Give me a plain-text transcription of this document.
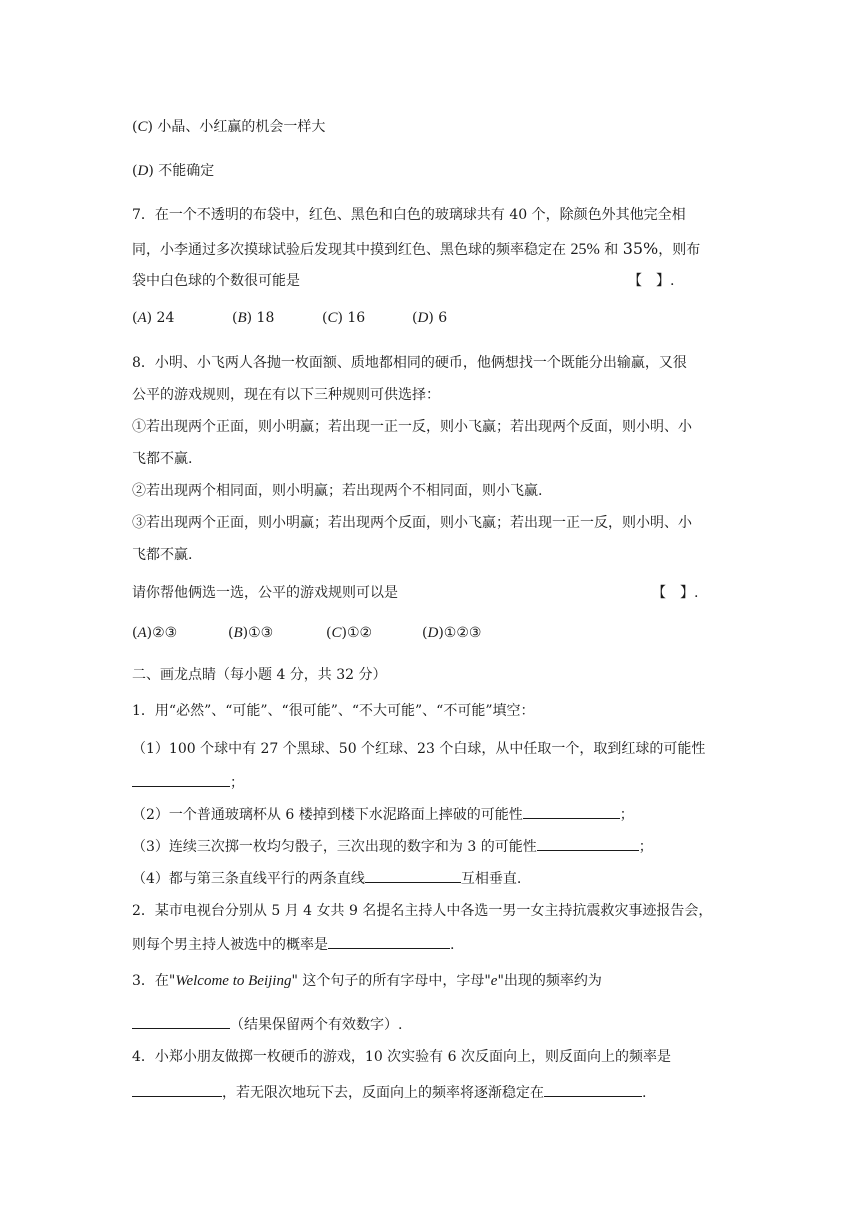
(C) 小晶、小红赢的机会一样大
(D) 不能确定
7．在一个不透明的布袋中，红色、黑色和白色的玻璃球共有 40 个，除颜色外其他完全相
同，小李通过多次摸球试验后发现其中摸到红色、黑色球的频率稳定在 25% 和 35%，则布
袋中白色球的个数很可能是	【　】.
(A) 24	(B) 18	(C) 16	(D) 6
8．小明、小飞两人各抛一枚面额、质地都相同的硬币，他俩想找一个既能分出输赢，又很
公平的游戏规则，现在有以下三种规则可供选择：
①若出现两个正面，则小明赢；若出现一正一反，则小飞赢；若出现两个反面，则小明、小
飞都不赢.
②若出现两个相同面，则小明赢；若出现两个不相同面，则小飞赢.
③若出现两个正面，则小明赢；若出现两个反面，则小飞赢；若出现一正一反，则小明、小
飞都不赢.
请你帮他俩选一选，公平的游戏规则可以是	【　】.
(A)②③	(B)①③	(C)①②	(D)①②③
二、画龙点睛（每小题 4 分，共 32 分）
1．用“必然”、“可能”、“很可能”、“不大可能”、“不可能”填空：
（1）100 个球中有 27 个黑球、50 个红球、23 个白球，从中任取一个，取到红球的可能性
；
（2）一个普通玻璃杯从 6 楼掉到楼下水泥路面上摔破的可能性	；
（3）连续三次掷一枚均匀骰子，三次出现的数字和为 3 的可能性	；
（4）都与第三条直线平行的两条直线	互相垂直.
2．某市电视台分别从 5 月 4 女共 9 名提名主持人中各选一男一女主持抗震救灾事迹报告会，
则每个男主持人被选中的概率是	.
3．在"Welcome to Beijing" 这个句子的所有字母中，字母"e"出现的频率约为
（结果保留两个有效数字）.
4．小郑小朋友做掷一枚硬币的游戏，10 次实验有 6 次反面向上，则反面向上的频率是
，若无限次地玩下去，反面向上的频率将逐渐稳定在	.
